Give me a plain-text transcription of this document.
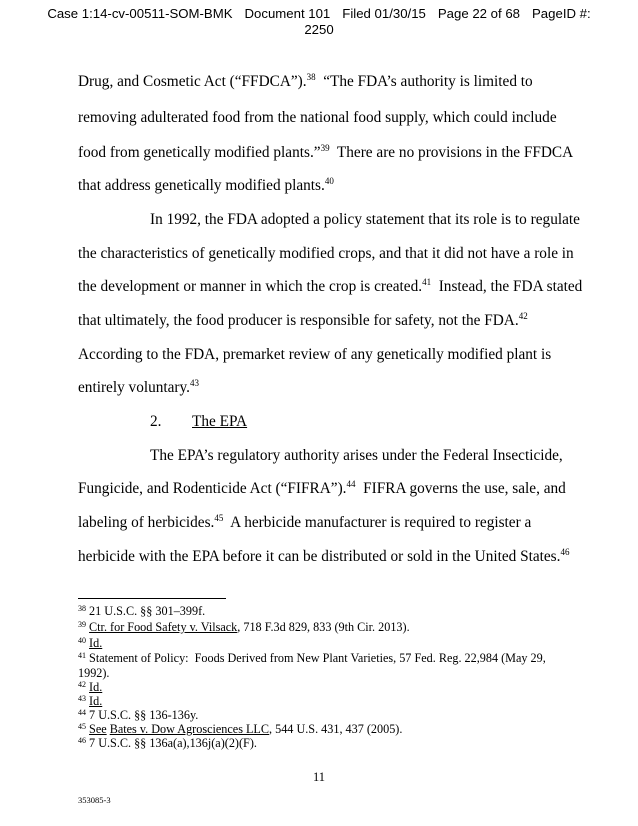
Case 1:14-cv-00511-SOM-BMK Document 101 Filed 01/30/15 Page 22 of 68 PageID #:
2250
Drug, and Cosmetic Act (“FFDCA”).$^{38}$  “The FDA’s authority is limited to
removing adulterated food from the national food supply, which could include
food from genetically modified plants.”$^{39}$  There are no provisions in the FFDCA
that address genetically modified plants.$^{40}$
In 1992, the FDA adopted a policy statement that its role is to regulate
the characteristics of genetically modified crops, and that it did not have a role in
the development or manner in which the crop is created.$^{41}$  Instead, the FDA stated
that ultimately, the food producer is responsible for safety, not the FDA.$^{42}$
According to the FDA, premarket review of any genetically modified plant is
entirely voluntary.$^{43}$
2. The EPA
The EPA’s regulatory authority arises under the Federal Insecticide,
Fungicide, and Rodenticide Act (“FIFRA”).$^{44}$  FIFRA governs the use, sale, and
labeling of herbicides.$^{45}$  A herbicide manufacturer is required to register a
herbicide with the EPA before it can be distributed or sold in the United States.$^{46}$
$^{38}$ 21 U.S.C. §§ 301–399f.
$^{39}$ Ctr. for Food Safety v. Vilsack, 718 F.3d 829, 833 (9th Cir. 2013).
$^{40}$ Id.
$^{41}$ Statement of Policy:  Foods Derived from New Plant Varieties, 57 Fed. Reg. 22,984 (May 29,
1992).
$^{42}$ Id.
$^{43}$ Id.
$^{44}$ 7 U.S.C. §§ 136-136y.
$^{45}$ See Bates v. Dow Agrosciences LLC, 544 U.S. 431, 437 (2005).
$^{46}$ 7 U.S.C. §§ 136a(a),136j(a)(2)(F).
11
353085-3
